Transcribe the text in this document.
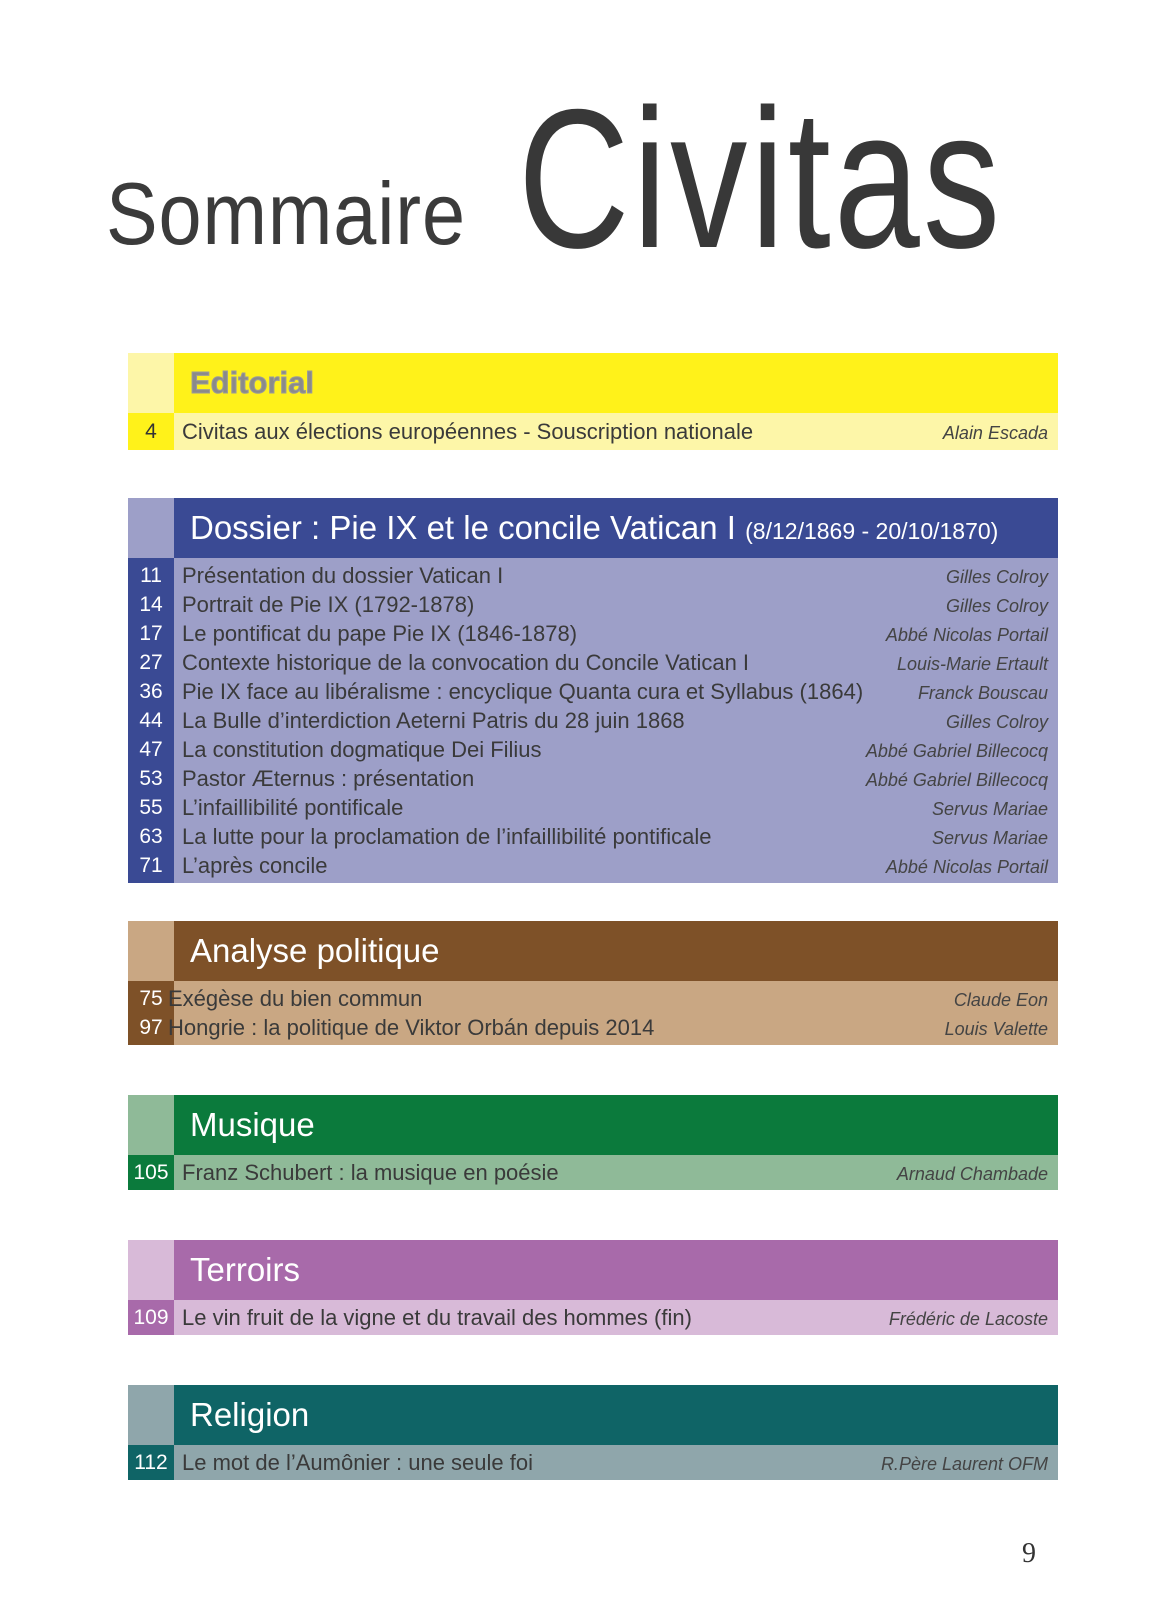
Sommaire Civitas
Editorial
4	Civitas aux élections européennes - Souscription nationale	Alain Escada
Dossier : Pie IX et le concile Vatican I (8/12/1869 - 20/10/1870)
11 Présentation du dossier Vatican I	Gilles Colroy
14 Portrait de Pie IX (1792-1878)	Gilles Colroy
17 Le pontificat du pape Pie IX (1846-1878)	Abbé Nicolas Portail
27 Contexte historique de la convocation du Concile Vatican I	Louis-Marie Ertault
36 Pie IX face au libéralisme : encyclique Quanta cura et Syllabus (1864)	Franck Bouscau
44 La Bulle d’interdiction Aeterni Patris du 28 juin 1868	Gilles Colroy
47 La constitution dogmatique Dei Filius	Abbé Gabriel Billecocq
53 Pastor Æternus : présentation	Abbé Gabriel Billecocq
55 L’infaillibilité pontificale	Servus Mariae
63 La lutte pour la proclamation de l’infaillibilité pontificale	Servus Mariae
71 L’après concile	Abbé Nicolas Portail
Analyse politique
75 Exégèse du bien commun	Claude Eon
97 Hongrie : la politique de Viktor Orbán depuis 2014	Louis Valette
Musique
105 Franz Schubert : la musique en poésie	Arnaud Chambade
Terroirs
109 Le vin fruit de la vigne et du travail des hommes (fin)	Frédéric de Lacoste
Religion
112 Le mot de l’Aumônier : une seule foi	R.Père Laurent OFM
9
